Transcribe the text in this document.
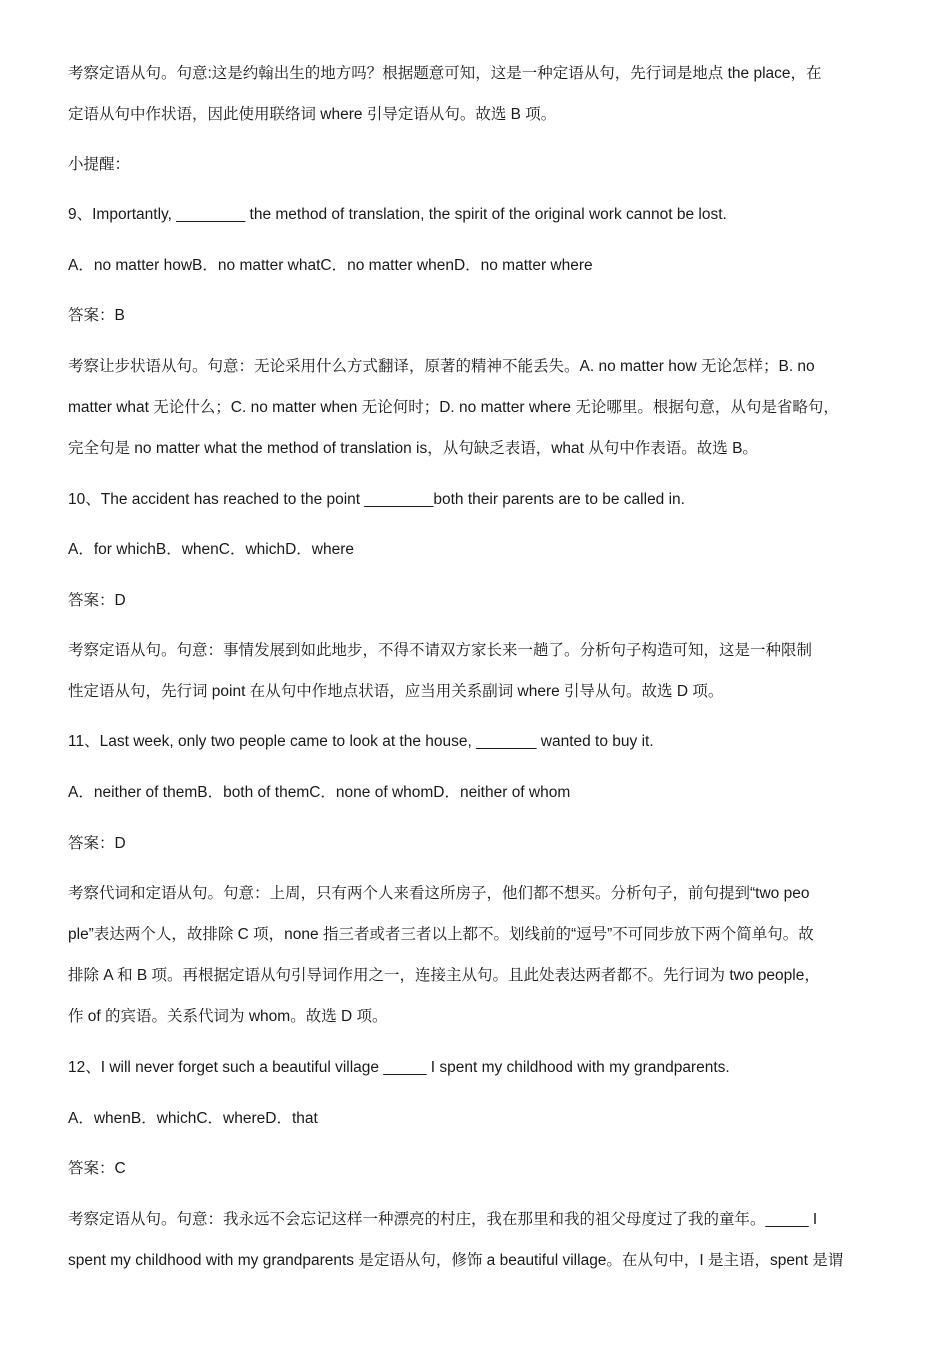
考察定语从句。句意:这是约翰出生的地方吗？根据题意可知，这是一种定语从句，先行词是地点 the place，在
定语从句中作状语，因此使用联络词 where 引导定语从句。故选 B 项。
小提醒：
9、Importantly, ________ the method of translation, the spirit of the original work cannot be lost.
A．no matter howB．no matter whatC．no matter whenD．no matter where
答案：B
考察让步状语从句。句意：无论采用什么方式翻译，原著的精神不能丢失。A. no matter how 无论怎样；B. no
matter what 无论什么；C. no matter when 无论何时；D. no matter where 无论哪里。根据句意，从句是省略句，
完全句是 no matter what the method of translation is，从句缺乏表语，what 从句中作表语。故选 B。
10、The accident has reached to the point ________both their parents are to be called in.
A．for whichB．whenC．whichD．where
答案：D
考察定语从句。句意：事情发展到如此地步，不得不请双方家长来一趟了。分析句子构造可知，这是一种限制
性定语从句，先行词 point 在从句中作地点状语，应当用关系副词 where 引导从句。故选 D 项。
11、Last week, only two people came to look at the house, _______ wanted to buy it.
A．neither of themB．both of themC．none of whomD．neither of whom
答案：D
考察代词和定语从句。句意：上周，只有两个人来看这所房子，他们都不想买。分析句子，前句提到“two peo
ple”表达两个人，故排除 C 项，none 指三者或者三者以上都不。划线前的“逗号”不可同步放下两个简单句。故
排除 A 和 B 项。再根据定语从句引导词作用之一，连接主从句。且此处表达两者都不。先行词为 two people，
作 of 的宾语。关系代词为 whom。故选 D 项。
12、I will never forget such a beautiful village _____ I spent my childhood with my grandparents.
A．whenB．whichC．whereD．that
答案：C
考察定语从句。句意：我永远不会忘记这样一种漂亮的村庄，我在那里和我的祖父母度过了我的童年。_____ I
spent my childhood with my grandparents 是定语从句，修饰 a beautiful village。在从句中，I 是主语，spent 是谓
